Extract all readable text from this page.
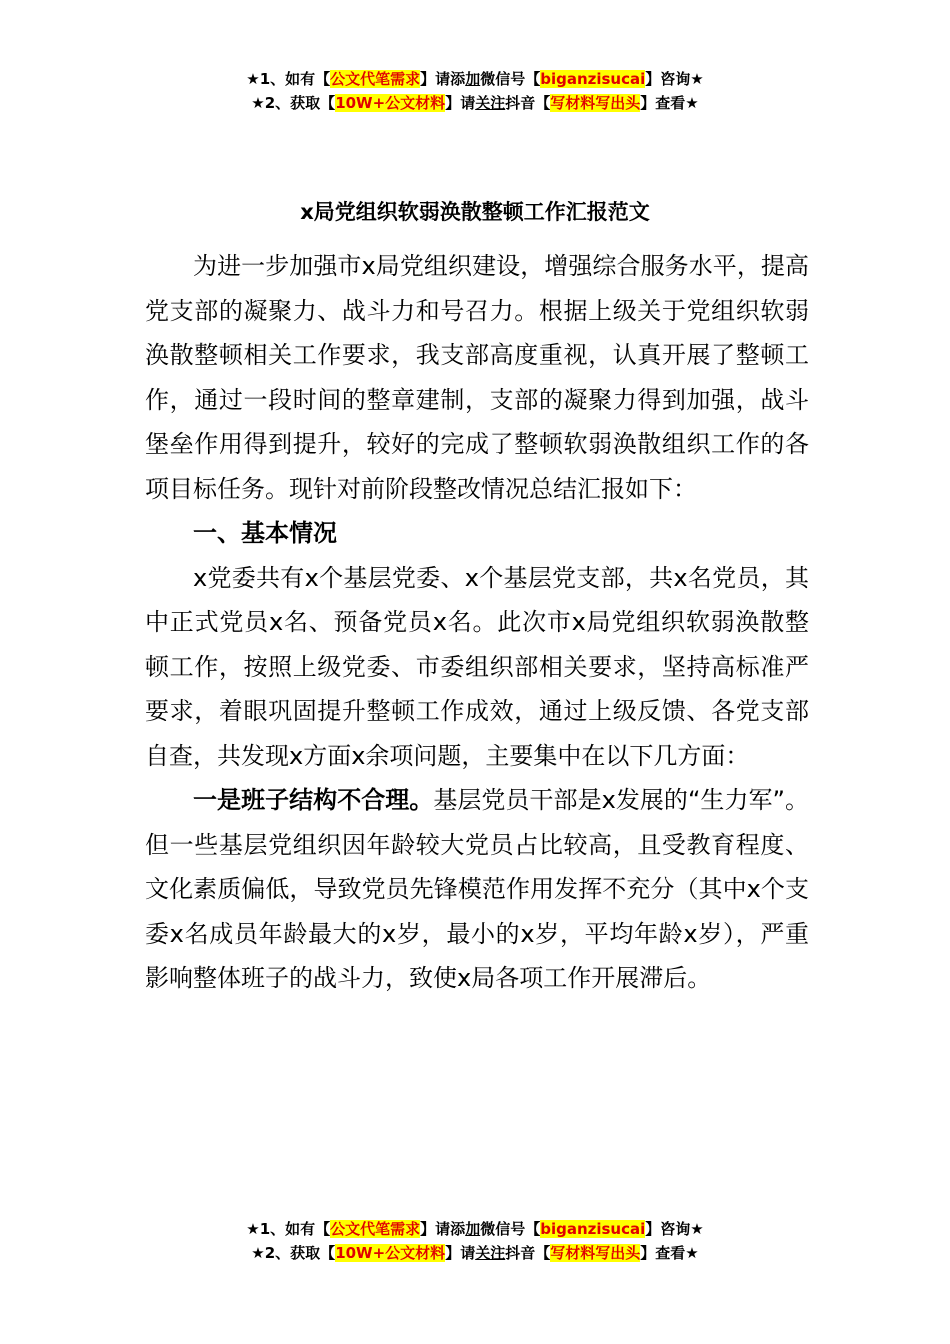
★1、如有【公文代笔需求】请添加微信号【biganzisucai】咨询★
★2、获取【10W+公文材料】请关注抖音【写材料写出头】查看★
x局党组织软弱涣散整顿工作汇报范文

为进一步加强市x局党组织建设，增强综合服务水平，提高党支部的凝聚力、战斗力和号召力。根据上级关于党组织软弱涣散整顿相关工作要求，我支部高度重视，认真开展了整顿工作，通过一段时间的整章建制，支部的凝聚力得到加强，战斗堡垒作用得到提升，较好的完成了整顿软弱涣散组织工作的各项目标任务。现针对前阶段整改情况总结汇报如下：

一、基本情况

x党委共有x个基层党委、x个基层党支部，共x名党员，其中正式党员x名、预备党员x名。此次市x局党组织软弱涣散整顿工作，按照上级党委、市委组织部相关要求，坚持高标准严要求，着眼巩固提升整顿工作成效，通过上级反馈、各党支部自查，共发现x方面x余项问题，主要集中在以下几方面：

一是班子结构不合理。基层党员干部是x发展的“生力军”。但一些基层党组织因年龄较大党员占比较高，且受教育程度、文化素质偏低，导致党员先锋模范作用发挥不充分（其中x个支委x名成员年龄最大的x岁，最小的x岁，平均年龄x岁），严重影响整体班子的战斗力，致使x局各项工作开展滞后。

★1、如有【公文代笔需求】请添加微信号【biganzisucai】咨询★
★2、获取【10W+公文材料】请关注抖音【写材料写出头】查看★
